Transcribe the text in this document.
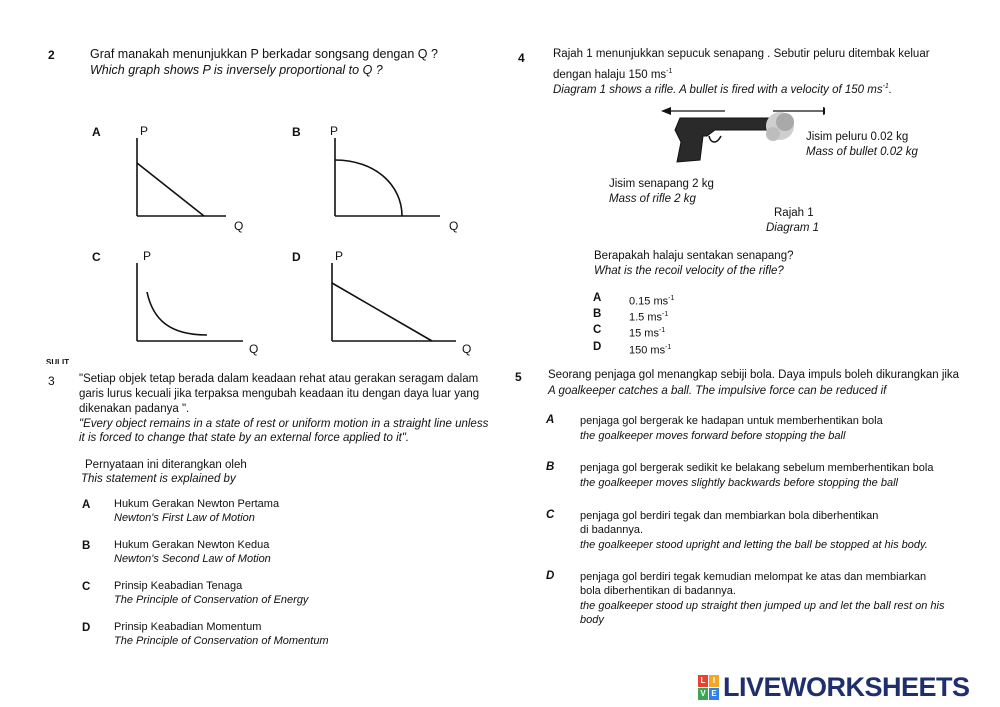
2	Graf manakah menunjukkan P berkadar songsang dengan Q ?
Which graph shows P is inversely proportional to Q ?
A	P
Q
B P
Q
C	P
Q
D	P
Q
SULIT
3 "Setiap objek tetap berada dalam keadaan rehat atau gerakan seragam dalam
garis lurus kecuali jika terpaksa mengubah keadaan itu dengan daya luar yang
dikenakan padanya ".
"Every object remains in a state of rest or uniform motion in a straight line unless
it is forced to change that state by an external force applied to it".
Pernyataan ini diterangkan oleh
This statement is explained by
A Hukum Gerakan Newton Pertama
Newton's First Law of Motion
B Hukum Gerakan Newton Kedua
Newton's Second Law of Motion
C Prinsip Keabadian Tenaga
The Principle of Conservation of Energy
D Prinsip Keabadian Momentum
The Principle of Conservation of Momentum
4 Rajah 1 menunjukkan sepucuk senapang . Sebutir peluru ditembak keluar
dengan halaju 150 $ms^{-1}$
Diagram 1 shows a rifle. A bullet is fired with a velocity of 150 $ms^{-1}$.
Jisim peluru 0.02 kg
Mass of bullet 0.02 kg
Jisim senapang 2 kg
Mass of rifle 2 kg
Rajah 1
Diagram 1
Berapakah halaju sentakan senapang?
What is the recoil velocity of the rifle?
A	0.15 $ms^{-1}$
B	1.5 $ms^{-1}$
C	15 $ms^{-1}$
D	150 $ms^{-1}$
5 Seorang penjaga gol menangkap sebiji bola. Daya impuls boleh dikurangkan jika
A goalkeeper catches a ball. The impulsive force can be reduced if
A penjaga gol bergerak ke hadapan untuk memberhentikan bola
the goalkeeper moves forward before stopping the ball
B penjaga gol bergerak sedikit ke belakang sebelum memberhentikan bola
the goalkeeper moves slightly backwards before stopping the ball
C penjaga gol berdiri tegak dan membiarkan bola diberhentikan
di badannya.
the goalkeeper stood upright and letting the ball be stopped at his body.
D penjaga gol berdiri tegak kemudian melompat ke atas dan membiarkan
bola diberhentikan di badannya.
the goalkeeper stood up straight then jumped up and let the ball rest on his
body
L I
V E LIVEWORKSHEETS
